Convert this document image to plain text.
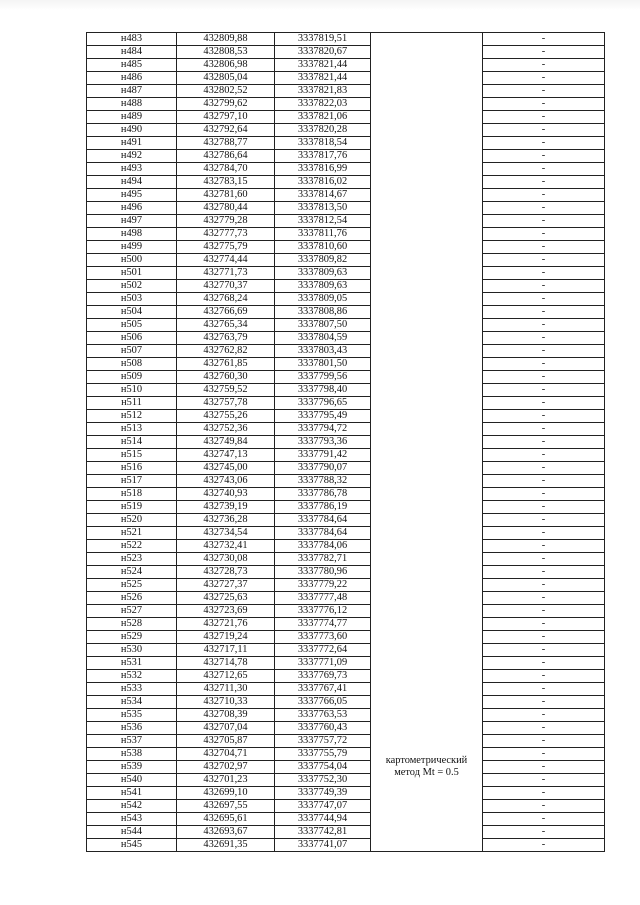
н483	432809,88	3337819,51		-
н484	432808,53	3337820,67		-
н485	432806,98	3337821,44		-
н486	432805,04	3337821,44		-
н487	432802,52	3337821,83		-
н488	432799,62	3337822,03		-
н489	432797,10	3337821,06		-
н490	432792,64	3337820,28		-
н491	432788,77	3337818,54		-
н492	432786,64	3337817,76		-
н493	432784,70	3337816,99		-
н494	432783,15	3337816,02		-
н495	432781,60	3337814,67		-
н496	432780,44	3337813,50		-
н497	432779,28	3337812,54		-
н498	432777,73	3337811,76		-
н499	432775,79	3337810,60		-
н500	432774,44	3337809,82		-
н501	432771,73	3337809,63		-
н502	432770,37	3337809,63		-
н503	432768,24	3337809,05		-
н504	432766,69	3337808,86		-
н505	432765,34	3337807,50		-
н506	432763,79	3337804,59		-
н507	432762,82	3337803,43		-
н508	432761,85	3337801,50		-
н509	432760,30	3337799,56		-
н510	432759,52	3337798,40		-
н511	432757,78	3337796,65		-
н512	432755,26	3337795,49		-
н513	432752,36	3337794,72		-
н514	432749,84	3337793,36		-
н515	432747,13	3337791,42		-
н516	432745,00	3337790,07		-
н517	432743,06	3337788,32		-
н518	432740,93	3337786,78		-
н519	432739,19	3337786,19		-
н520	432736,28	3337784,64		-
н521	432734,54	3337784,64		-
н522	432732,41	3337784,06		-
н523	432730,08	3337782,71		-
н524	432728,73	3337780,96		-
н525	432727,37	3337779,22		-
н526	432725,63	3337777,48		-
н527	432723,69	3337776,12		-
н528	432721,76	3337774,77		-
н529	432719,24	3337773,60		-
н530	432717,11	3337772,64		-
н531	432714,78	3337771,09		-
н532	432712,65	3337769,73		-
н533	432711,30	3337767,41	картометрический метод Mt = 0.5	-
н534	432710,33	3337766,05		-
н535	432708,39	3337763,53		-
н536	432707,04	3337760,43		-
н537	432705,87	3337757,72		-
н538	432704,71	3337755,79		-
н539	432702,97	3337754,04		-
н540	432701,23	3337752,30		-
н541	432699,10	3337749,39		-
н542	432697,55	3337747,07		-
н543	432695,61	3337744,94		-
н544	432693,67	3337742,81		-
н545	432691,35	3337741,07		-
